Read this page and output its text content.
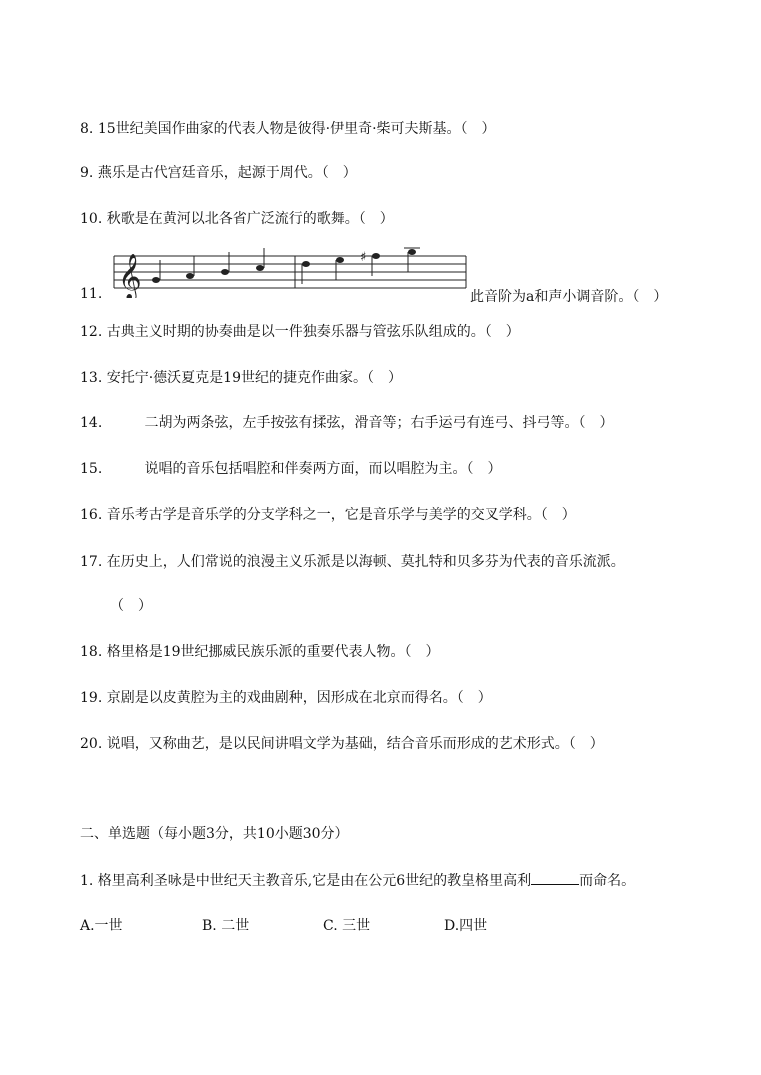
8. 15世纪美国作曲家的代表人物是彼得·伊里奇·柴可夫斯基。（　）
9. 燕乐是古代宫廷音乐，起源于周代。（　）
10. 秋歌是在黄河以北各省广泛流行的歌舞。（　）
11. 𝄞	♯
此音阶为a和声小调音阶。（　）
12. 古典主义时期的协奏曲是以一件独奏乐器与管弦乐队组成的。（　）
13. 安托宁·德沃夏克是19世纪的捷克作曲家。（　）
14.	二胡为两条弦，左手按弦有揉弦，滑音等；右手运弓有连弓、抖弓等。（　）
15.	说唱的音乐包括唱腔和伴奏两方面，而以唱腔为主。（　）
16. 音乐考古学是音乐学的分支学科之一，它是音乐学与美学的交叉学科。（　）
17. 在历史上，人们常说的浪漫主义乐派是以海顿、莫扎特和贝多芬为代表的音乐流派。
（　）
18. 格里格是19世纪挪威民族乐派的重要代表人物。（　）
19. 京剧是以皮黄腔为主的戏曲剧种，因形成在北京而得名。（　）
20. 说唱，又称曲艺，是以民间讲唱文学为基础，结合音乐而形成的艺术形式。（　）
二、单选题（每小题3分，共10小题30分）
1. 格里高利圣咏是中世纪天主教音乐,它是由在公元6世纪的教皇格里高利	而命名。
A.一世	B. 二世	C. 三世	D.四世
